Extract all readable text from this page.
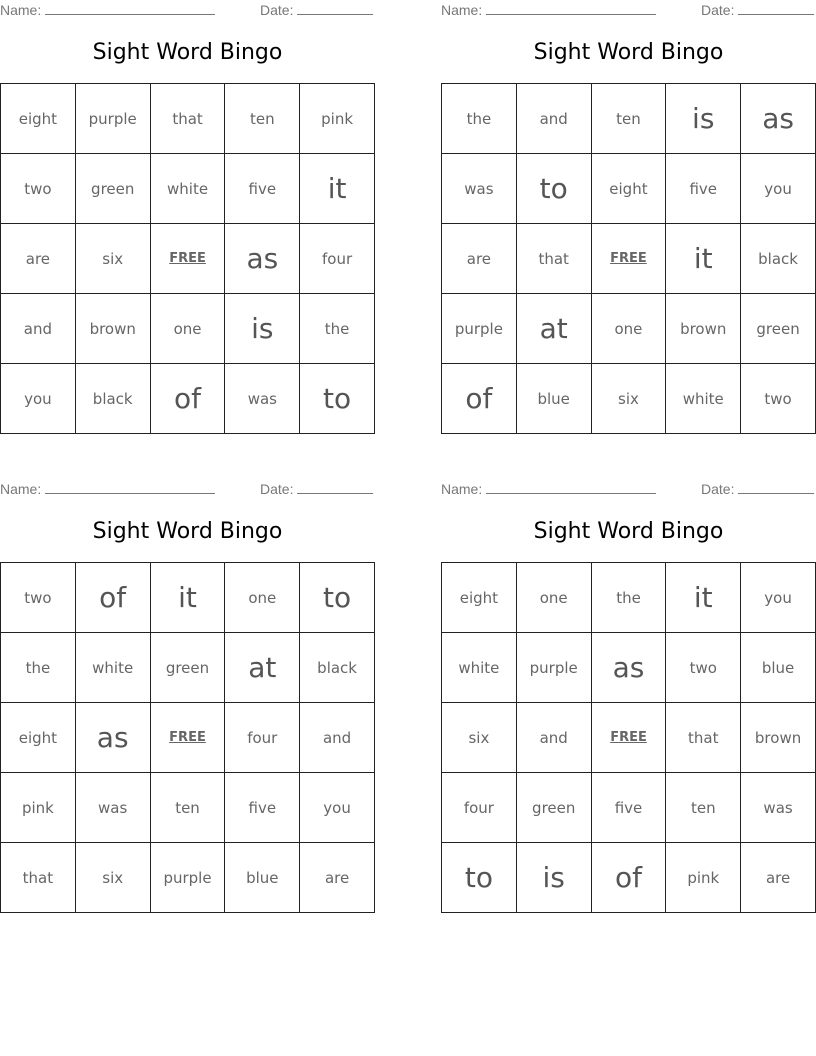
Name:	Date:
Sight Word Bingo
eight	purple	that	ten	pink
two	green	white	five	it
are	six	FREE	as	four
and	brown	one	is	the
you	black	of	was	to
Name:	Date:
Sight Word Bingo
the	and	ten	is	as
was	to	eight	five	you
are	that	FREE	it	black
purple	at	one	brown	green
of	blue	six	white	two
Name:	Date:
Sight Word Bingo
two	of	it	one	to
the	white	green	at	black
eight	as	FREE	four	and
pink	was	ten	five	you
that	six	purple	blue	are
Name:	Date:
Sight Word Bingo
eight	one	the	it	you
white	purple	as	two	blue
six	and	FREE	that	brown
four	green	five	ten	was
to	is	of	pink	are
